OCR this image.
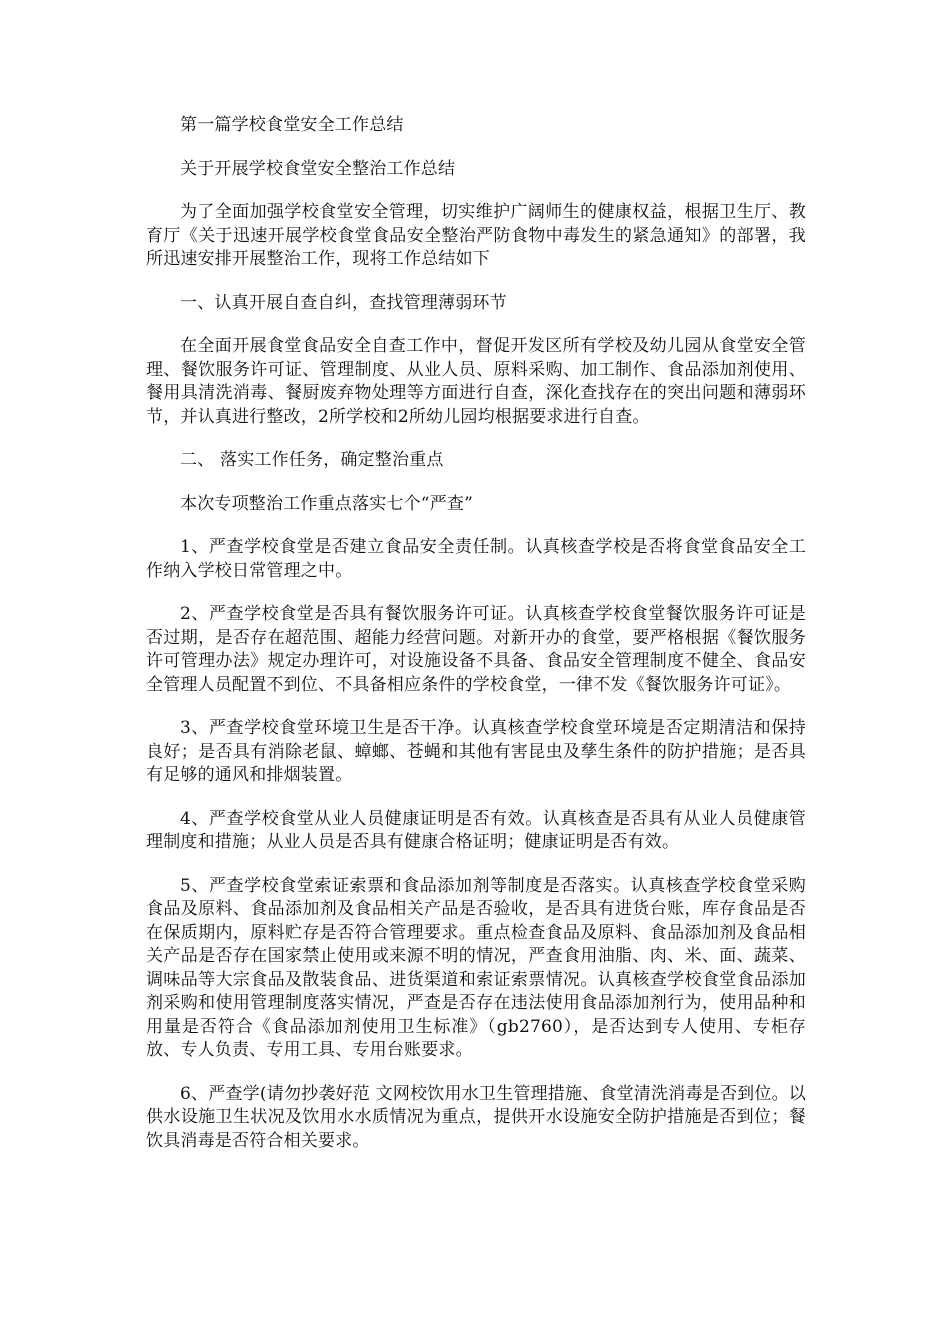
第一篇学校食堂安全工作总结

关于开展学校食堂安全整治工作总结

为了全面加强学校食堂安全管理，切实维护广阔师生的健康权益，根据卫生厅、教育厅《关于迅速开展学校食堂食品安全整治严防食物中毒发生的紧急通知》的部署，我所迅速安排开展整治工作，现将工作总结如下

一、认真开展自查自纠，查找管理薄弱环节

在全面开展食堂食品安全自查工作中，督促开发区所有学校及幼儿园从食堂安全管理、餐饮服务许可证、管理制度、从业人员、原料采购、加工制作、食品添加剂使用、餐用具清洗消毒、餐厨废弃物处理等方面进行自查，深化查找存在的突出问题和薄弱环节，并认真进行整改，2所学校和2所幼儿园均根据要求进行自查。

二、 落实工作任务，确定整治重点

本次专项整治工作重点落实七个“严查”

1、严查学校食堂是否建立食品安全责任制。认真核查学校是否将食堂食品安全工作纳入学校日常管理之中。

2、严查学校食堂是否具有餐饮服务许可证。认真核查学校食堂餐饮服务许可证是否过期，是否存在超范围、超能力经营问题。对新开办的食堂，要严格根据《餐饮服务许可管理办法》规定办理许可，对设施设备不具备、食品安全管理制度不健全、食品安全管理人员配置不到位、不具备相应条件的学校食堂，一律不发《餐饮服务许可证》。

3、严查学校食堂环境卫生是否干净。认真核查学校食堂环境是否定期清洁和保持良好；是否具有消除老鼠、蟑螂、苍蝇和其他有害昆虫及孳生条件的防护措施；是否具有足够的通风和排烟装置。

4、严查学校食堂从业人员健康证明是否有效。认真核查是否具有从业人员健康管理制度和措施；从业人员是否具有健康合格证明；健康证明是否有效。

5、严查学校食堂索证索票和食品添加剂等制度是否落实。认真核查学校食堂采购食品及原料、食品添加剂及食品相关产品是否验收，是否具有进货台账，库存食品是否在保质期内，原料贮存是否符合管理要求。重点检查食品及原料、食品添加剂及食品相关产品是否存在国家禁止使用或来源不明的情况，严查食用油脂、肉、米、面、蔬菜、调味品等大宗食品及散装食品、进货渠道和索证索票情况。认真核查学校食堂食品添加剂采购和使用管理制度落实情况，严查是否存在违法使用食品添加剂行为，使用品种和用量是否符合《食品添加剂使用卫生标准》（gb2760），是否达到专人使用、专柜存放、专人负责、专用工具、专用台账要求。

6、严查学(请勿抄袭好范 文网校饮用水卫生管理措施、食堂清洗消毒是否到位。以供水设施卫生状况及饮用水水质情况为重点，提供开水设施安全防护措施是否到位；餐饮具消毒是否符合相关要求。
